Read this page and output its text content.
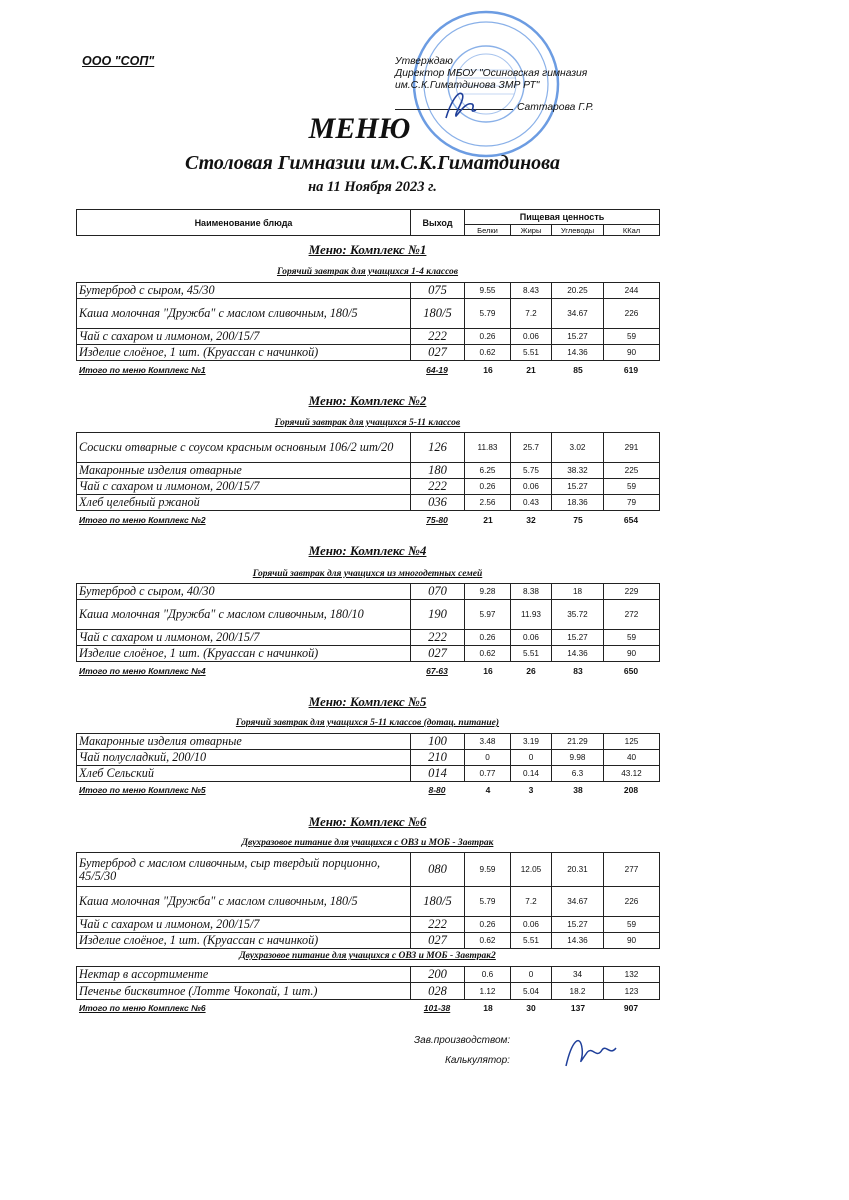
ООО "СОП"	Утверждаю
Директор МБОУ "Осиновская гимназия
им.С.К.Гиматдинова ЗМР РТ"
Саттарова Г.Р.
МЕНЮ
Столовая Гимназии им.С.К.Гиматдинова
на 11 Ноября 2023 г.
Наименование блюда	Выход	Пищевая ценность			
		Белки	Жиры	Углеводы	ККал
Меню: Комплекс №1
Горячий завтрак для учащихся 1-4 классов
Бутерброд с сыром, 45/30	075	9.55	8.43	20.25	244
Каша молочная "Дружба" с маслом сливочным, 180/5	180/5	5.79	7.2	34.67	226
Чай с сахаром и лимоном, 200/15/7	222	0.26	0.06	15.27	59
Изделие слоёное, 1 шт. (Круассан с начинкой)	027	0.62	5.51	14.36	90
Итого по меню Комплекс №1	64-19	16	21	85	619
Меню: Комплекс №2
Горячий завтрак для учащихся 5-11 классов
Сосиски отварные с соусом красным основным 106/2 шт/20	126	11.83	25.7	3.02	291
Макаронные изделия отварные	180	6.25	5.75	38.32	225
Чай с сахаром и лимоном, 200/15/7	222	0.26	0.06	15.27	59
Хлеб целебный ржаной	036	2.56	0.43	18.36	79
Итого по меню Комплекс №2	75-80	21	32	75	654
Меню: Комплекс №4
Горячий завтрак для учащихся из многодетных семей
Бутерброд с сыром, 40/30	070	9.28	8.38	18	229
Каша молочная "Дружба" с маслом сливочным, 180/10	190	5.97	11.93	35.72	272
Чай с сахаром и лимоном, 200/15/7	222	0.26	0.06	15.27	59
Изделие слоёное, 1 шт. (Круассан с начинкой)	027	0.62	5.51	14.36	90
Итого по меню Комплекс №4	67-63	16	26	83	650
Меню: Комплекс №5
Горячий завтрак для учащихся 5-11 классов (дотац. питание)
Макаронные изделия отварные	100	3.48	3.19	21.29	125
Чай полусладкий, 200/10	210	0	0	9.98	40
Хлеб Сельский	014	0.77	0.14	6.3	43.12
Итого по меню Комплекс №5	8-80	4	3	38	208
Меню: Комплекс №6
Двухразовое питание для учащихся с ОВЗ и МОБ - Завтрак
Бутерброд с маслом сливочным, сыр твердый порционно, 45/5/30	080	9.59	12.05	20.31	277
Каша молочная "Дружба" с маслом сливочным, 180/5	180/5	5.79	7.2	34.67	226
Чай с сахаром и лимоном, 200/15/7	222	0.26	0.06	15.27	59
Изделие слоёное, 1 шт. (Круассан с начинкой)	027	0.62	5.51	14.36	90
Двухразовое питание для учащихся с ОВЗ и МОБ - Завтрак2
Нектар в ассортименте	200	0.6	0	34	132
Печенье бисквитное (Лотте Чокопай, 1 шт.)	028	1.12	5.04	18.2	123
Итого по меню Комплекс №6	101-38	18	30	137	907
Зав.производством:
Калькулятор:
